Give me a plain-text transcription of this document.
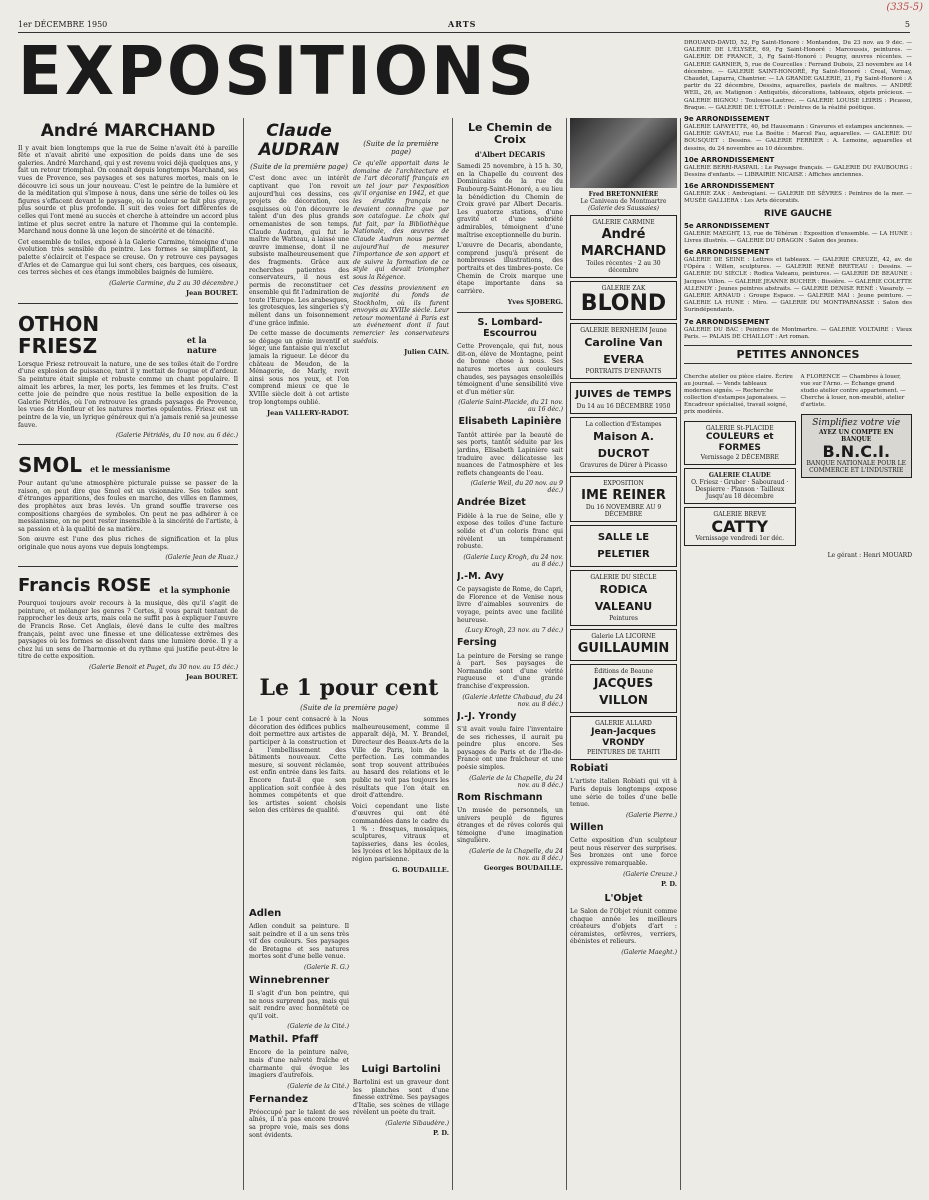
1er DÉCEMBRE 1950	ARTS	5
(335-5)
EXPOSITIONS
André MARCHAND

Il y avait bien longtemps que la rue de Seine n'avait été à pareille fête et n'avait abrité une exposition de poids dans une de ses galeries. André Marchand, qui y est revenu voici déjà quelques ans, y fait un retour triomphal. On connaît depuis longtemps Marchand, ses vues de Provence, ses paysages et ses natures mortes, mais on le découvre ici sous un jour nouveau. C'est le peintre de la lumière et de la méditation qui s'impose à nous, dans une série de toiles où les figures s'effacent devant le paysage, où la couleur se fait plus grave, plus sourde et plus profonde. Il suit des voies fort différentes de celles qui l'ont mené au succès et cherche à atteindre un accord plus intime et plus secret entre la nature et l'homme qui la contemple. Marchand nous donne là une leçon de sincérité et de ténacité.

Cet ensemble de toiles, exposé à la Galerie Carmine, témoigne d'une évolution très sensible du peintre. Les formes se simplifient, la palette s'éclaircit et l'espace se creuse. On y retrouve ces paysages d'Arles et de Camargue qui lui sont chers, ces barques, ces oiseaux, ces terres sèches et ces étangs immobiles baignés de lumière.

(Galerie Carmine, du 2 au 30 décembre.)

Jean BOURET.

OTHON FRIESZ	et la nature

Lorsque Friesz retrouvait la nature, une de ses toiles était de l'ordre d'une explosion de puissance, tant il y mettait de fougue et d'ardeur. Sa peinture était simple et robuste comme un chant populaire. Il aimait les arbres, la mer, les ports, les femmes et les fruits. C'est cette joie de peindre que nous restitue la belle exposition de la Galerie Pétridès, où l'on retrouve les grands paysages de Provence, les vues de Honfleur et les natures mortes opulentes. Friesz est un peintre de la vie, un lyrique généreux qui n'a jamais renié sa jeunesse fauve.

(Galerie Pétridès, du 10 nov. au 6 déc.)

SMOL et le messianisme

Pour autant qu'une atmosphère picturale puisse se passer de la raison, on peut dire que Smol est un visionnaire. Ses toiles sont d'étranges apparitions, des foules en marche, des villes en flammes, des prophètes aux bras levés. Un grand souffle traverse ces compositions chargées de symboles. On peut ne pas adhérer à ce messianisme, on ne peut rester insensible à la sincérité de l'artiste, à sa passion et à la qualité de sa matière.

Son œuvre est l'une des plus riches de signification et la plus originale que nous ayons vue depuis longtemps.

(Galerie Jean de Ruaz.)

Francis ROSE et la symphonie

Pourquoi toujours avoir recours à la musique, dès qu'il s'agit de peinture, et mélanger les genres ? Certes, il vous parait tentant de rapprocher les deux arts, mais cela ne suffit pas à expliquer l'œuvre de Francis Rose. Cet Anglais, élevé dans le culte des maîtres français, peint avec une finesse et une délicatesse extrêmes des paysages où les formes se dissolvent dans une lumière dorée. Il y a chez lui un sens de l'harmonie et du rythme qui justifie peut-être le titre de cette exposition.

(Galerie Benoit et Puget, du 30 nov. au 15 déc.)

Jean BOURET.

Claude AUDRAN

(Suite de la première page)

C'est donc avec un intérêt captivant que l'on revoit aujourd'hui ces dessins, ces projets de décoration, ces esquisses où l'on découvre le talent d'un des plus grands ornemanistes de son temps. Claude Audran, qui fut le maître de Watteau, a laissé une œuvre immense, dont il ne subsiste malheureusement que des fragments. Grâce aux recherches patientes des conservateurs, il nous est permis de reconstituer cet ensemble qui fit l'admiration de toute l'Europe. Les arabesques, les grotesques, les singeries s'y mêlent dans un foisonnement d'une grâce infinie.

De cette masse de documents se dégage un génie inventif et léger, une fantaisie qui n'exclut jamais la rigueur. Le décor du château de Meudon, de la Ménagerie, de Marly, revit ainsi sous nos yeux, et l'on comprend mieux ce que le XVIIIe siècle doit à cet artiste trop longtemps oublié.

Jean VALLERY-RADOT.

(Suite de la première page)

Ce qu'elle apportait dans le domaine de l'architecture et de l'art décoratif français en un tel jour par l'exposition qu'il organise en 1942, et que les érudits français ne devaient connaître que par son catalogue. Le choix qui fut fait, par la Bibliothèque Nationale, des œuvres de Claude Audran nous permet aujourd'hui de mesurer l'importance de son apport et de suivre la formation de ce style qui devait triompher sous la Régence.

Ces dessins proviennent en majorité du fonds de Stockholm, où ils furent envoyés au XVIIIe siècle. Leur retour momentané à Paris est un événement dont il faut remercier les conservateurs suédois.

Julien CAIN.

Le 1 pour cent

(Suite de la première page)

Le 1 pour cent consacré à la décoration des édifices publics doit permettre aux artistes de participer à la construction et à l'embellissement des bâtiments nouveaux. Cette mesure, si souvent réclamée, est enfin entrée dans les faits. Encore faut-il que son application soit confiée à des hommes compétents et que les artistes soient choisis selon des critères de qualité.

Nous sommes malheureusement, comme il apparaît déjà, M. Y. Brandel, Directeur des Beaux-Arts de la Ville de Paris, loin de la perfection. Les commandes sont trop souvent attribuées au hasard des relations et le public ne voit pas toujours les résultats que l'on était en droit d'attendre.

Voici cependant une liste d'œuvres qui ont été commandées dans le cadre du 1 % : fresques, mosaïques, sculptures, vitraux et tapisseries, dans les écoles, les lycées et les hôpitaux de la région parisienne.

G. BOUDAILLE.

Adlen

Adlen conduit sa peinture. Il sait peindre et il a un sens très vif des couleurs. Ses paysages de Bretagne et ses natures mortes sont d'une belle venue.

(Galerie R. G.)

Winnebrenner

Il s'agit d'un bon peintre, qui ne nous surprend pas, mais qui sait rendre avec honnêteté ce qu'il voit.

(Galerie de la Cité.)

Mathil. Pfaff

Encore de la peinture naïve, mais d'une naïveté fraîche et charmante qui évoque les imagiers d'autrefois.

(Galerie de la Cité.)

Fernandez

Préoccupé par le talent de ses aînés, il n'a pas encore trouvé sa propre voie, mais ses dons sont évidents.

Luigi Bartolini

Bartolini est un graveur dont les planches sont d'une finesse extrême. Ses paysages d'Italie, ses scènes de village révèlent un poète du trait.

(Galerie Sibaudère.)

P. D.

Le Chemin de Croix

d'Albert DECARIS

Samedi 25 novembre, à 15 h. 30, en la Chapelle du couvent des Dominicains de la rue du Faubourg-Saint-Honoré, a eu lieu la bénédiction du Chemin de Croix gravé par Albert Decaris. Les quatorze stations, d'une gravité et d'une sobriété admirables, témoignent d'une maîtrise exceptionnelle du burin.

L'œuvre de Decaris, abondante, comprend jusqu'à présent de nombreuses illustrations, des portraits et des timbres-poste. Ce Chemin de Croix marque une étape importante dans sa carrière.

Yves SJOBERG.

S. Lombard-Escourrou

Cette Provençale, qui fut, nous dit-on, élève de Montagne, peint de bonne chose à nous. Ses natures mortes aux couleurs chaudes, ses paysages ensoleillés témoignent d'une sensibilité vive et d'un métier sûr.

(Galerie Saint-Placide, du 21 nov. au 16 déc.)

Elisabeth Lapinière

Tantôt attirée par la beauté de ses ports, tantôt séduite par les jardins, Elisabeth Lapinière sait traduire avec délicatesse les nuances de l'atmosphère et les reflets changeants de l'eau.

(Galerie Weil, du 20 nov. au 9 déc.)

Andrée Bizet

Fidèle à la rue de Seine, elle y expose des toiles d'une facture solide et d'un coloris franc qui révèlent un tempérament robuste.

(Galerie Lucy Krogh, du 24 nov. au 8 déc.)

J.-M. Avy

Ce paysagiste de Rome, de Capri, de Florence et de Venise nous livre d'aimables souvenirs de voyage, peints avec une facilité heureuse.

(Lucy Krogh, 23 nov. au 7 déc.)

Fersing

La peinture de Fersing se range à part. Ses paysages de Normandie sont d'une vérité rugueuse et d'une grande franchise d'expression.

(Galerie Arlette Chabaud, du 24 nov. au 8 déc.)

J.-J. Yrondy

S'il avait voulu faire l'inventaire de ses richesses, il aurait pu peindre plus encore. Ses paysages de Paris et de l'Île-de-France ont une fraîcheur et une poésie simples.

(Galerie de la Chapelle, du 24 nov. au 8 déc.)

Rom Rischmann

Un musée de personnels, un univers peuplé de figures étranges et de rêves colorés qui témoigne d'une imagination singulière.

(Galerie de la Chapelle, du 24 nov. au 8 déc.)

Georges BOUDAILLE.

Fred BRETONNIÈRE
Le Caniveau de Montmartre
(Galerie des Saussaies)
GALERIE CARMINE
André MARCHAND
Toiles récentes · 2 au 30 décembre
GALERIE ZAK
BLOND
GALERIE BERNHEIM Jeune
Caroline Van EVERA
PORTRAITS D'ENFANTS
JUIVES de TEMPS
Du 14 au 16 DÉCEMBRE 1950
La collection d'Estampes
Maison A. DUCROT
Gravures de Dürer à Picasso
EXPOSITION
IME REINER
Du 16 NOVEMBRE AU 9 DÉCEMBRE
SALLE LE PELETIER
GALERIE DU SIÈCLE
RODICA VALEANU
Peintures
Galerie LA LICORNE
GUILLAUMIN
Éditions de Beaune
JACQUES VILLON
GALERIE ALLARD
Jean-Jacques VRONDY
PEINTURES DE TAHITI
Robiati

L'artiste italien Robiati qui vit à Paris depuis longtemps expose une série de toiles d'une belle tenue.

(Galerie Pierre.)

Willen

Cette exposition d'un sculpteur peut nous réserver des surprises. Ses bronzes ont une force expressive remarquable.

(Galerie Creuze.)

P. D.

L'Objet

Le Salon de l'Objet réunit comme chaque année les meilleurs créateurs d'objets d'art : céramistes, orfèvres, verriers, ébénistes et relieurs.

(Galerie Maeght.)

DROUAND-DAVID, 52, Fg Saint-Honoré : Montandon, Du 23 nov. au 9 déc. — GALERIE DE L'ÉLYSÉE, 69, Fg Saint-Honoré : Marcoussis, peintures. — GALERIE DE FRANCE, 3, Fg Saint-Honoré : Peugny, œuvres récentes. — GALERIE GARNIER, 5, rue de Courcelles : Ferrand Dubois, 23 novembre au 14 décembre. — GALERIE SAINT-HONORÉ, Fg Saint-Honoré : Creal, Vernay, Chaudet, Laparra, Chantrier. — LA GRANDE GALERIE, 21, Fg Saint-Honoré : A partir du 22 décembre, Dessins, aquarelles, pastels de maîtres. — ANDRÉ WEIL, 26, av. Matignon : Antiquités, décorations, tableaux, objets précieux. — GALERIE BIGNOU : Toulouse-Lautrec. — GALERIE LOUISE LEIRIS : Picasso, Braque. — GALERIE DE L'ÉTOILE : Peintres de la réalité poétique.

9e ARRONDISSEMENT

GALERIE LAFAYETTE, 40, bd Haussmann : Gravures et estampes anciennes. — GALERIE GAVEAU, rue La Boétie : Marcel Fau, aquarelles. — GALERIE DU BOUSQUET : Dessins. — GALERIE FERRIER : A. Lemoine, aquarelles et dessins, du 24 novembre au 10 décembre.

10e ARRONDISSEMENT

GALERIE BERRI-RASPAIL : Le Paysage français. — GALERIE DU FAUBOURG : Dessins d'enfants. — LIBRAIRIE NICAISE : Affiches anciennes.

16e ARRONDISSEMENT

GALERIE ZAK : Ambrogiani. — GALERIE DE SÈVRES : Peintres de la mer. — MUSÉE GALLIERA : Les Arts décoratifs.

RIVE GAUCHE
5e ARRONDISSEMENT

GALERIE MAEGHT, 13, rue de Téhéran : Exposition d'ensemble. — LA HUNE : Livres illustrés. — GALERIE DU DRAGON : Salon des jeunes.

6e ARRONDISSEMENT

GALERIE DE SEINE : Lettres et tableaux. — GALERIE CREUZE, 42, av. de l'Opéra : Willen, sculptures. — GALERIE RENÉ BRETEAU : Dessins. — GALERIE DU SIÈCLE : Rodica Valeanu, peintures. — GALERIE DE BEAUNE : Jacques Villon. — GALERIE JEANNE BUCHER : Bissière. — GALERIE COLETTE ALLENDY : Jeunes peintres abstraits. — GALERIE DENISE RENÉ : Vasarely. — GALERIE ARNAUD : Groupe Espace. — GALERIE MAI : Jeune peinture. — GALERIE LA HUNE : Miro. — GALERIE DU MONTPARNASSE : Salon des Surindépendants.

7e ARRONDISSEMENT

GALERIE DU BAC : Peintres de Montmartre. — GALERIE VOLTAIRE : Vieux Paris. — PALAIS DE CHAILLOT : Art roman.

PETITES ANNONCES

Cherche atelier ou pièce claire. Écrire au journal. — Vends tableaux modernes signés. — Recherche collection d'estampes japonaises. — Encadreur spécialisé, travail soigné, prix modérés.

GALERIE St-PLACIDE
COULEURS et FORMES
Vernissage 2 DÉCEMBRE
GALERIE CLAUDE
O. Friesz · Gruber · Sabouraud · Despierre · Planson · Tailleux
Jusqu'au 18 décembre
GALERIE BREVE
CATTY
Vernissage vendredi 1er déc.

A FLORENCE — Chambres à louer, vue sur l'Arno. — Échange grand studio atelier contre appartement. — Cherche à louer, non-meublé, atelier d'artiste.

Simplifiez votre vie
AYEZ UN COMPTE EN BANQUE
B.N.C.I.
BANQUE NATIONALE POUR LE COMMERCE ET L'INDUSTRIE
Le gérant : Henri MOUARD
